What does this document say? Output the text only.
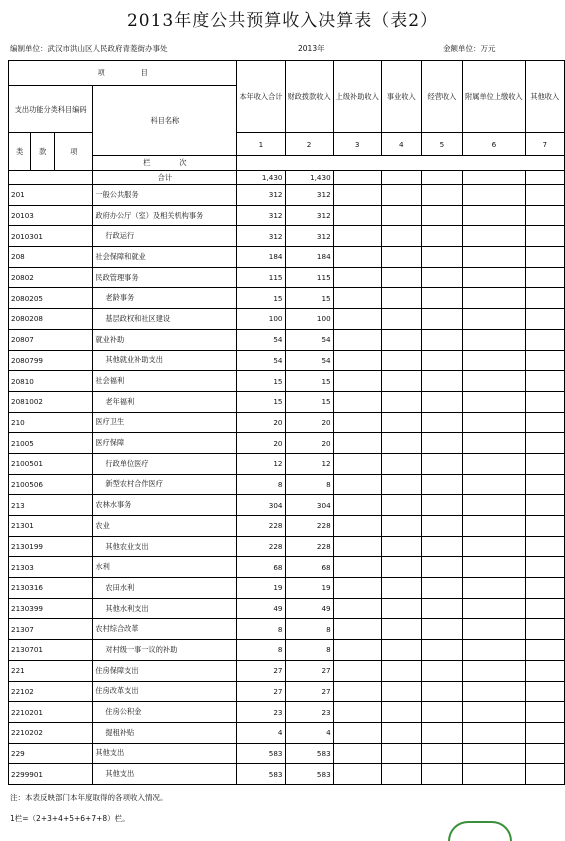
2013年度公共预算收入决算表（表2）
编制单位：武汉市洪山区人民政府青菱街办事处	2013年	金额单位：万元
项　　　　　目				本年收入合计	财政拨款收入	上级补助收入	事业收入	经营收入	附属单位上缴收入	其他收入
支出功能分类科目编码			科目名称							
类	款	项		1	2	3	4	5	6	7
			栏　　　　次							
			合计	1,430	1,430					
201			一般公共服务	312	312					
20103			政府办公厅（室）及相关机构事务	312	312					
2010301			行政运行	312	312					
208			社会保障和就业	184	184					
20802			民政管理事务	115	115					
2080205			老龄事务	15	15					
2080208			基层政权和社区建设	100	100					
20807			就业补助	54	54					
2080799			其他就业补助支出	54	54					
20810			社会福利	15	15					
2081002			老年福利	15	15					
210			医疗卫生	20	20					
21005			医疗保障	20	20					
2100501			行政单位医疗	12	12					
2100506			新型农村合作医疗	8	8					
213			农林水事务	304	304					
21301			农业	228	228					
2130199			其他农业支出	228	228					
21303			水利	68	68					
2130316			农田水利	19	19					
2130399			其他水利支出	49	49					
21307			农村综合改革	8	8					
2130701			对村级一事一议的补助	8	8					
221			住房保障支出	27	27					
22102			住房改革支出	27	27					
2210201			住房公积金	23	23					
2210202			提租补贴	4	4					
229			其他支出	583	583					
2299901			其他支出	583	583					
注：本表反映部门本年度取得的各项收入情况。
1栏=（2+3+4+5+6+7+8）栏。
